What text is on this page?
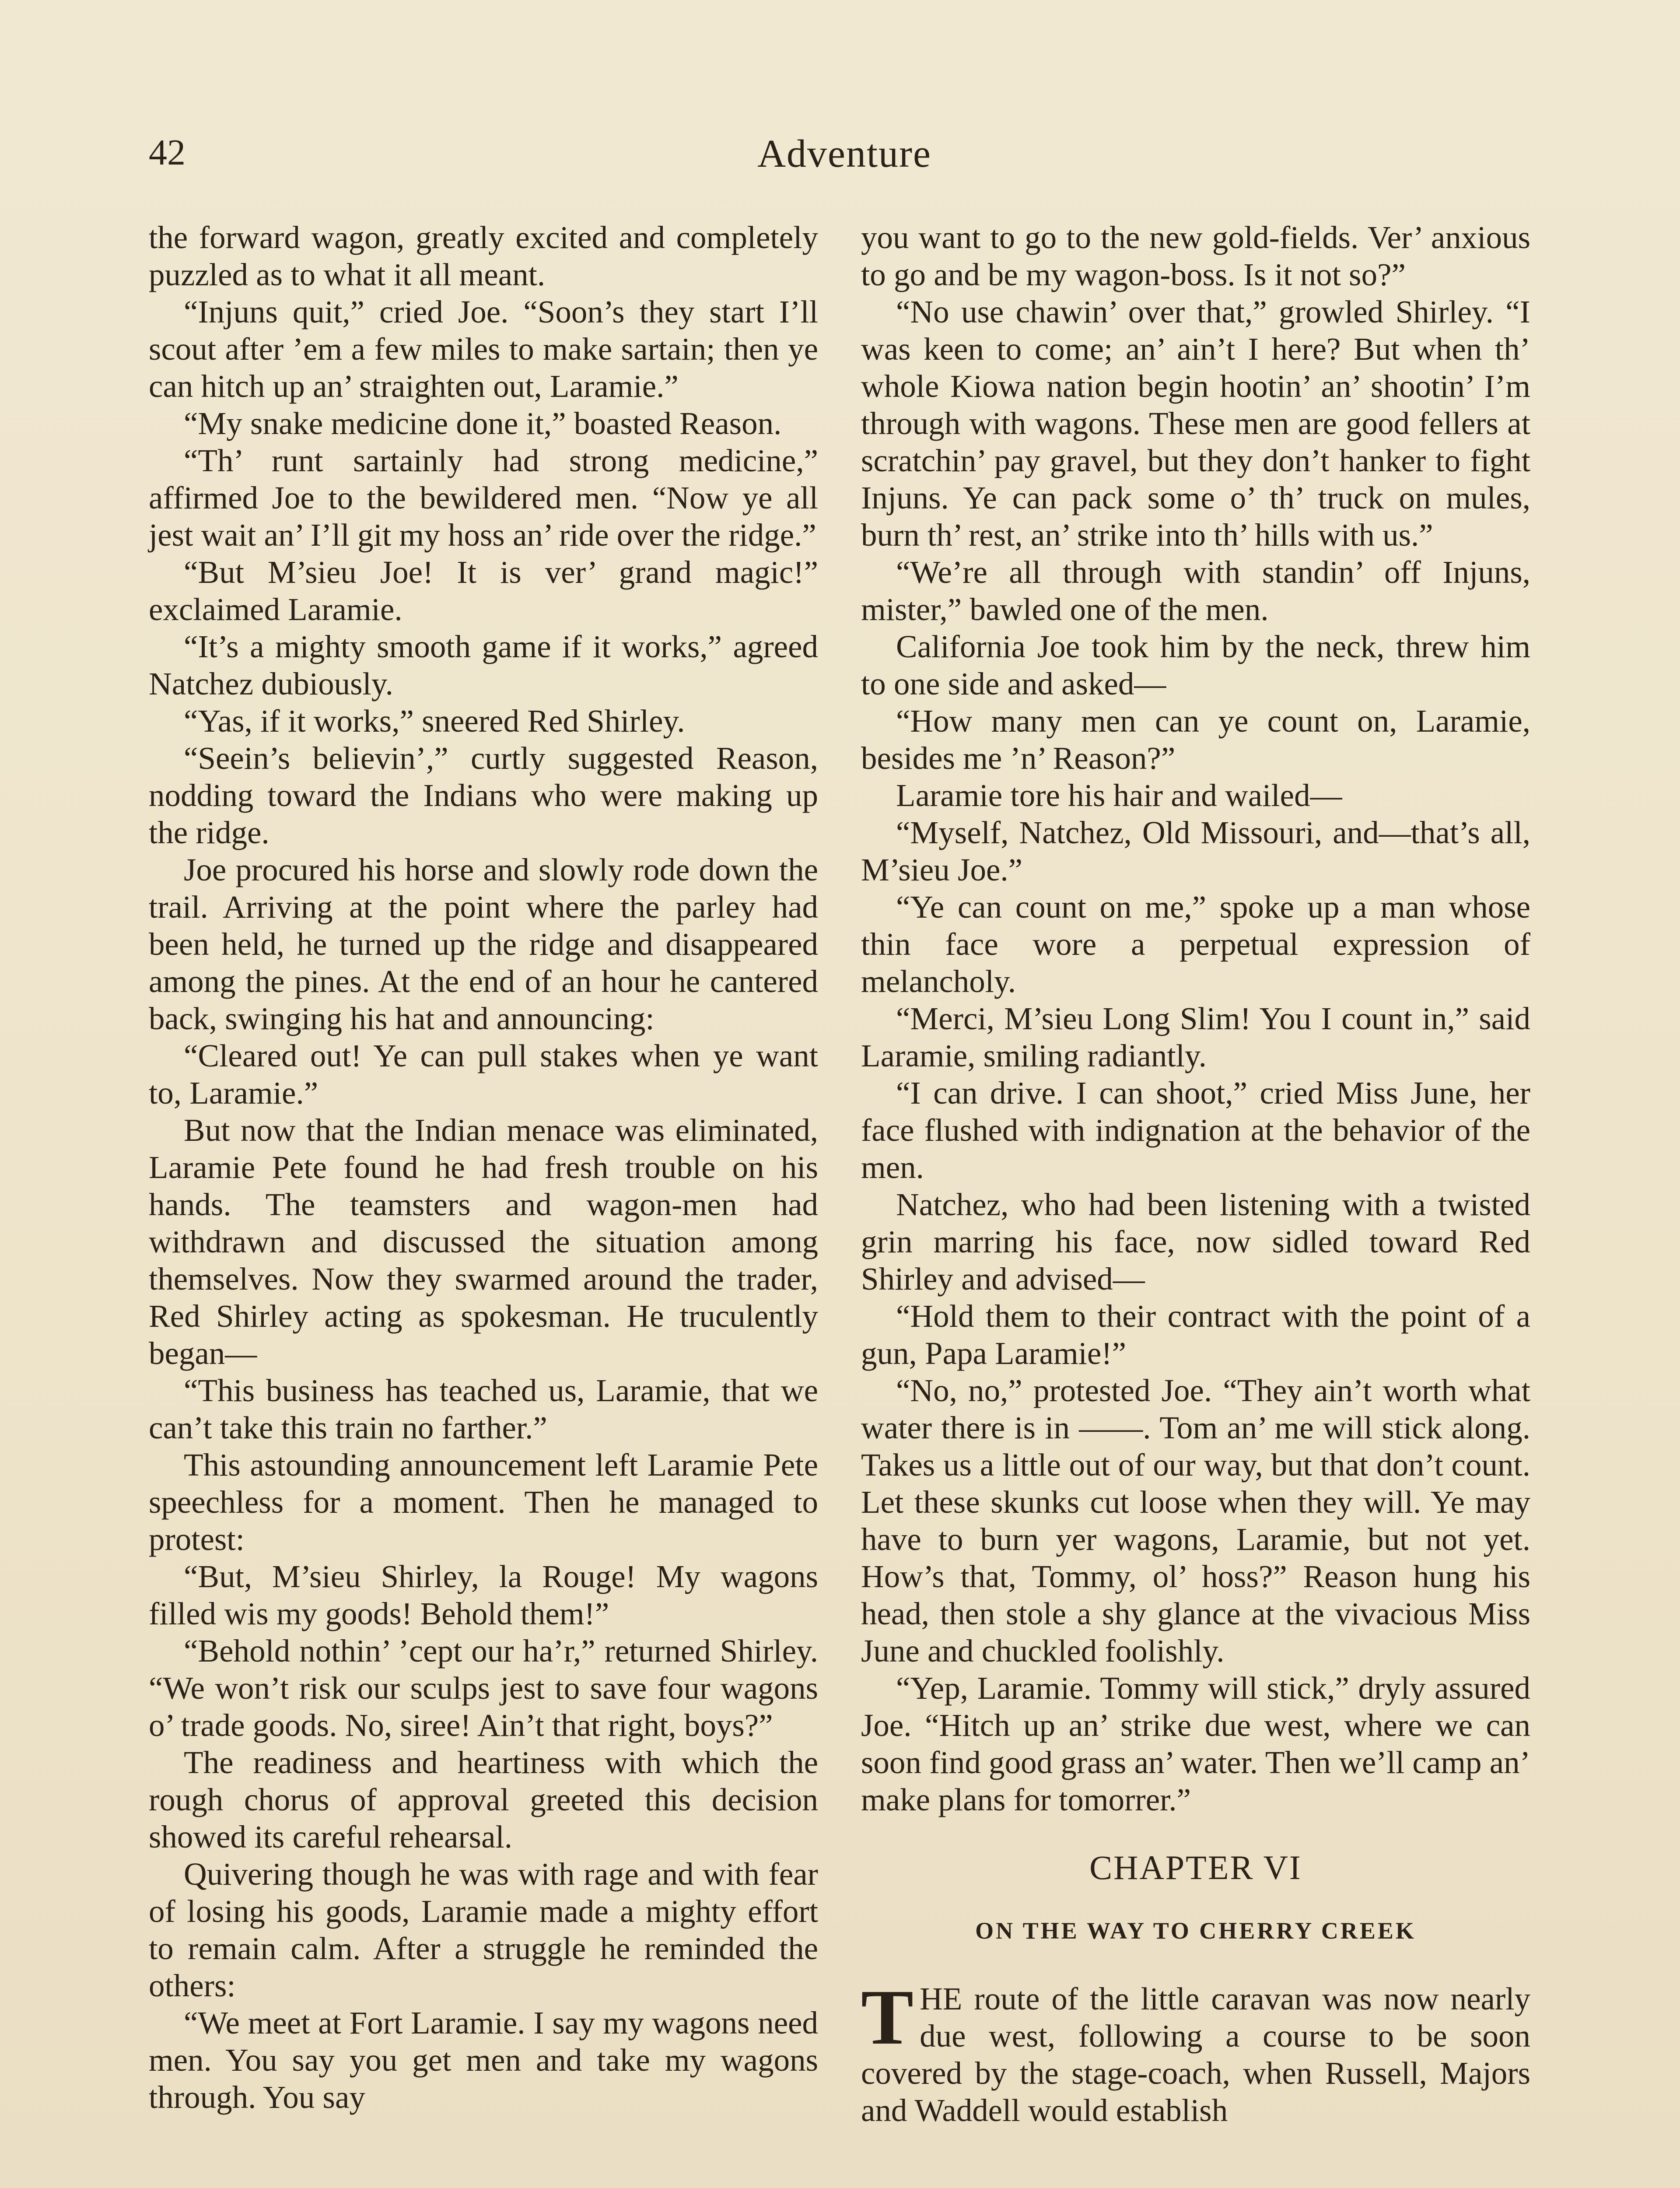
42	Adventure

the forward wagon, greatly excited and completely puzzled as to what it all meant.

“Injuns quit,” cried Joe. “Soon’s they start I’ll scout after ’em a few miles to make sartain; then ye can hitch up an’ straighten out, Laramie.”

“My snake medicine done it,” boasted Reason.

“Th’ runt sartainly had strong medicine,” affirmed Joe to the bewildered men. “Now ye all jest wait an’ I’ll git my hoss an’ ride over the ridge.”

“But M’sieu Joe! It is ver’ grand magic!” exclaimed Laramie.

“It’s a mighty smooth game if it works,” agreed Natchez dubiously.

“Yas, if it works,” sneered Red Shirley.

“Seein’s believin’,” curtly suggested Reason, nodding toward the Indians who were making up the ridge.

Joe procured his horse and slowly rode down the trail. Arriving at the point where the parley had been held, he turned up the ridge and disappeared among the pines. At the end of an hour he cantered back, swinging his hat and announcing:

“Cleared out! Ye can pull stakes when ye want to, Laramie.”

But now that the Indian menace was eliminated, Laramie Pete found he had fresh trouble on his hands. The teamsters and wagon-men had withdrawn and discussed the situation among themselves. Now they swarmed around the trader, Red Shirley acting as spokesman. He truculently began—

“This business has teached us, Laramie, that we can’t take this train no farther.”

This astounding announcement left Laramie Pete speechless for a moment. Then he managed to protest:

“But, M’sieu Shirley, la Rouge! My wagons filled wis my goods! Behold them!”

“Behold nothin’ ’cept our ha’r,” returned Shirley. “We won’t risk our sculps jest to save four wagons o’ trade goods. No, siree! Ain’t that right, boys?”

The readiness and heartiness with which the rough chorus of approval greeted this decision showed its careful rehearsal.

Quivering though he was with rage and with fear of losing his goods, Laramie made a mighty effort to remain calm. After a struggle he reminded the others:

“We meet at Fort Laramie. I say my wagons need men. You say you get men and take my wagons through. You say

you want to go to the new gold-fields. Ver’ anxious to go and be my wagon-boss. Is it not so?”

“No use chawin’ over that,” growled Shirley. “I was keen to come; an’ ain’t I here? But when th’ whole Kiowa nation begin hootin’ an’ shootin’ I’m through with wagons. These men are good fellers at scratchin’ pay gravel, but they don’t hanker to fight Injuns. Ye can pack some o’ th’ truck on mules, burn th’ rest, an’ strike into th’ hills with us.”

“We’re all through with standin’ off Injuns, mister,” bawled one of the men.

California Joe took him by the neck, threw him to one side and asked—

“How many men can ye count on, Laramie, besides me ’n’ Reason?”

Laramie tore his hair and wailed—

“Myself, Natchez, Old Missouri, and—that’s all, M’sieu Joe.”

“Ye can count on me,” spoke up a man whose thin face wore a perpetual expression of melancholy.

“Merci, M’sieu Long Slim! You I count in,” said Laramie, smiling radiantly.

“I can drive. I can shoot,” cried Miss June, her face flushed with indignation at the behavior of the men.

Natchez, who had been listening with a twisted grin marring his face, now sidled toward Red Shirley and advised—

“Hold them to their contract with the point of a gun, Papa Laramie!”

“No, no,” protested Joe. “They ain’t worth what water there is in ——. Tom an’ me will stick along. Takes us a little out of our way, but that don’t count. Let these skunks cut loose when they will. Ye may have to burn yer wagons, Laramie, but not yet. How’s that, Tommy, ol’ hoss?” Reason hung his head, then stole a shy glance at the vivacious Miss June and chuckled foolishly.

“Yep, Laramie. Tommy will stick,” dryly assured Joe. “Hitch up an’ strike due west, where we can soon find good grass an’ water. Then we’ll camp an’ make plans for tomorrer.”

CHAPTER VI
ON THE WAY TO CHERRY CREEK

THE route of the little caravan was now nearly due west, following a course to be soon covered by the stage-coach, when Russell, Majors and Waddell would establish
